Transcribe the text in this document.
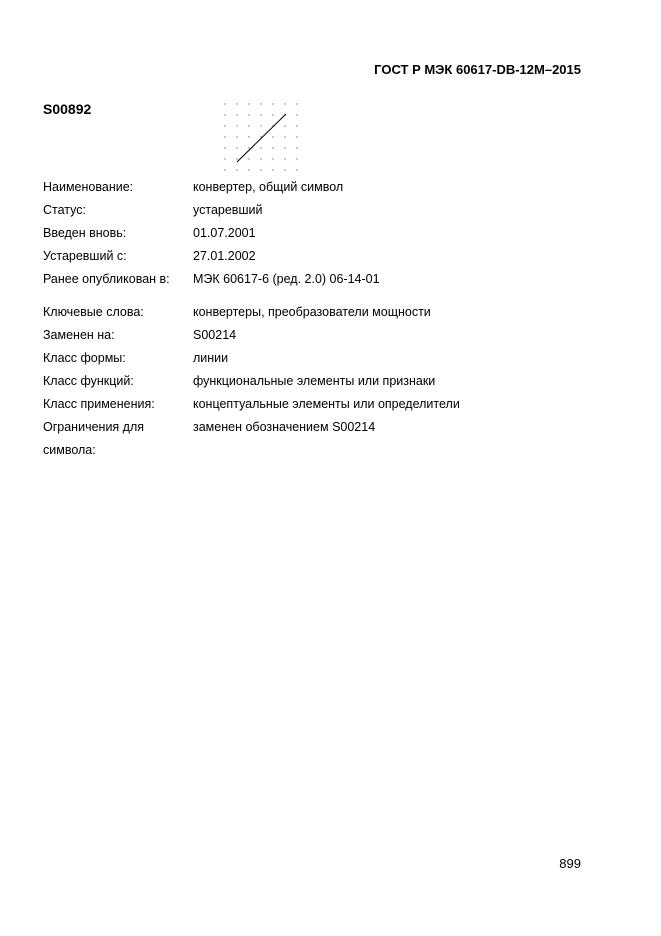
ГОСТ Р МЭК 60617-DB-12M–2015
S00892
Наименование:	конвертер, общий символ
Статус:	устаревший
Введен вновь:	01.07.2001
Устаревший с:	27.01.2002
Ранее опубликован в:	МЭК 60617-6 (ред. 2.0) 06-14-01
Ключевые слова:	конвертеры, преобразователи мощности
Заменен на:	S00214
Класс формы:	линии
Класс функций:	функциональные элементы или признаки
Класс применения:	концептуальные элементы или определители
Ограничения для
символа:
заменен обозначением S00214
899
